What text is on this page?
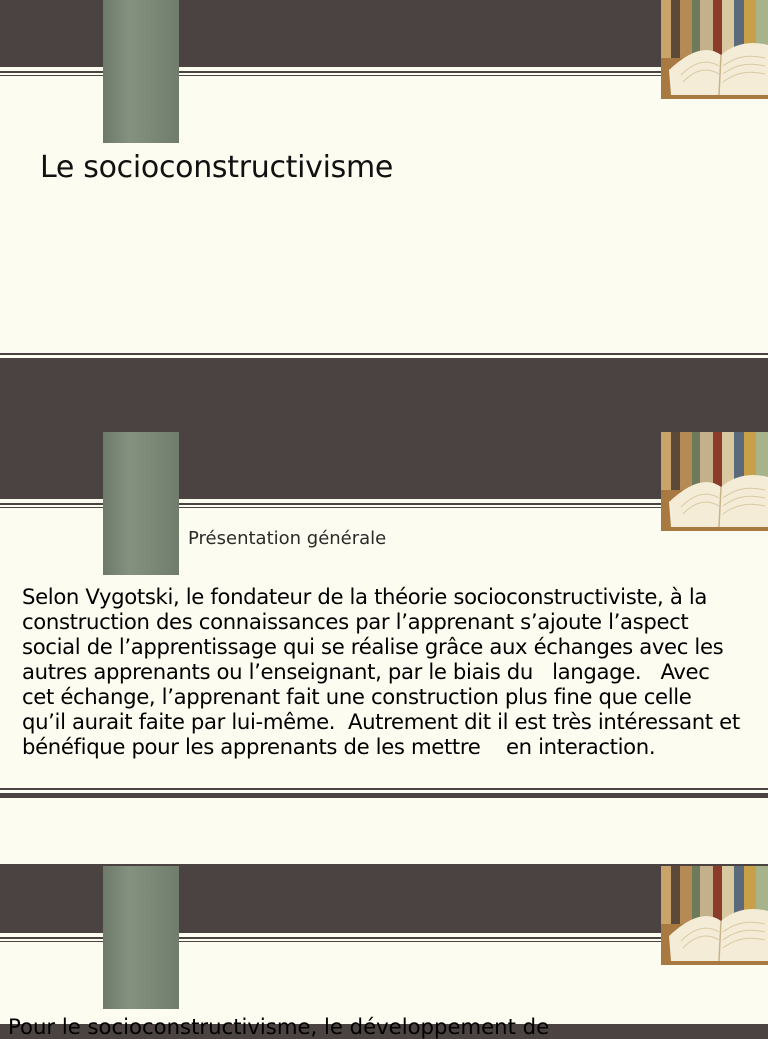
Le socioconstructivisme
Présentation générale
Selon Vygotski, le fondateur de la théorie socioconstructiviste, à la
construction des connaissances par l’apprenant s’ajoute l’aspect
social de l’apprentissage qui se réalise grâce aux échanges avec les
autres apprenants ou l’enseignant, par le biais du   langage.   Avec
cet échange, l’apprenant fait une construction plus fine que celle
qu’il aurait faite par lui-même.  Autrement dit il est très intéressant et
bénéfique pour les apprenants de les mettre    en interaction.
Pour le socioconstructivisme, le développement de
